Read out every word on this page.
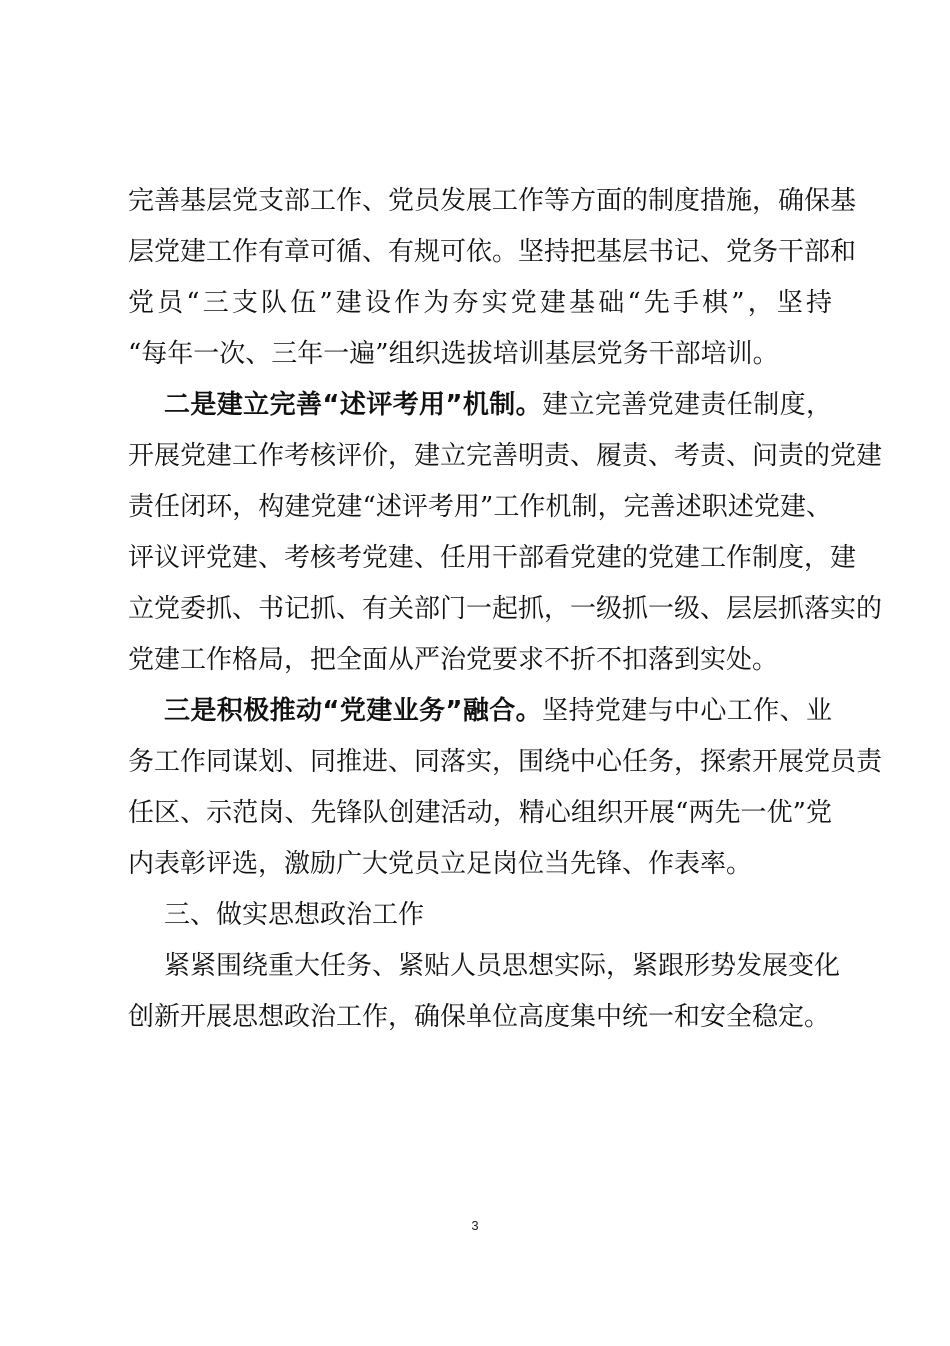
完善基层党支部工作、党员发展工作等方面的制度措施，确保基
层党建工作有章可循、有规可依。坚持把基层书记、党务干部和
党员“三支队伍”建设作为夯实党建基础“先手棋”，坚持
“每年一次、三年一遍”组织选拔培训基层党务干部培训。
二是建立完善“述评考用”机制。建立完善党建责任制度，
开展党建工作考核评价，建立完善明责、履责、考责、问责的党建
责任闭环，构建党建“述评考用”工作机制，完善述职述党建、
评议评党建、考核考党建、任用干部看党建的党建工作制度，建
立党委抓、书记抓、有关部门一起抓，一级抓一级、层层抓落实的
党建工作格局，把全面从严治党要求不折不扣落到实处。
三是积极推动“党建业务”融合。坚持党建与中心工作、业
务工作同谋划、同推进、同落实，围绕中心任务，探索开展党员责
任区、示范岗、先锋队创建活动，精心组织开展“两先一优”党
内表彰评选，激励广大党员立足岗位当先锋、作表率。
三、做实思想政治工作
紧紧围绕重大任务、紧贴人员思想实际，紧跟形势发展变化
创新开展思想政治工作，确保单位高度集中统一和安全稳定。
3
